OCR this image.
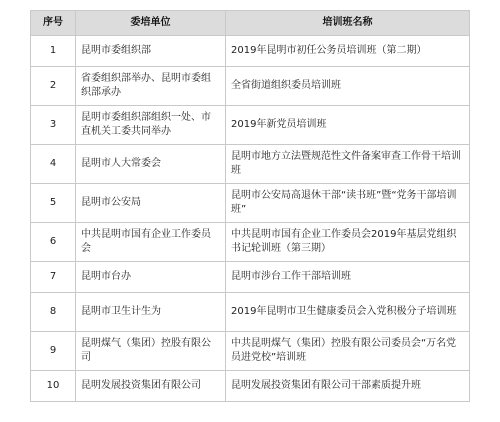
序号	委培单位	培训班名称
1	昆明市委组织部	2019年昆明市初任公务员培训班（第二期）
2	省委组织部举办、昆明市委组织部承办	全省街道组织委员培训班
3	昆明市委组织部组织一处、市直机关工委共同举办	2019年新党员培训班
4	昆明市人大常委会	昆明市地方立法暨规范性文件备案审查工作骨干培训班
5	昆明市公安局	昆明市公安局高退休干部“读书班”暨“党务干部培训班”
6	中共昆明市国有企业工作委员会	中共昆明市国有企业工作委员会2019年基层党组织书记轮训班（第三期）
7	昆明市台办	昆明市涉台工作干部培训班
8	昆明市卫生计生为	2019年昆明市卫生健康委员会入党积极分子培训班
9	昆明煤气（集团）控股有限公司	中共昆明煤气（集团）控股有限公司委员会“万名党员进党校”培训班
10	昆明发展投资集团有限公司	昆明发展投资集团有限公司干部素质提升班
